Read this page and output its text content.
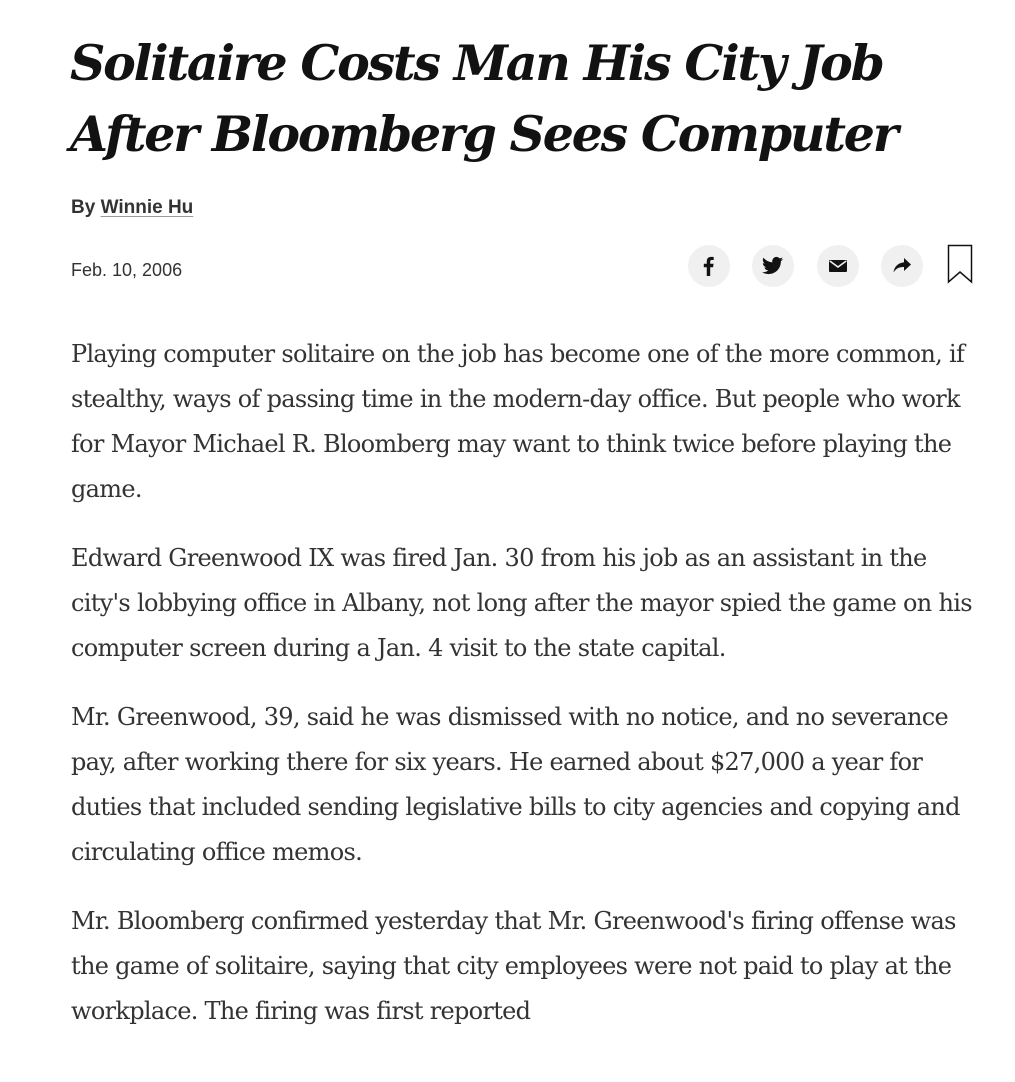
Solitaire Costs Man His City Job After Bloomberg Sees Computer
By Winnie Hu
Feb. 10, 2006

Playing computer solitaire on the job has become one of the more common, if stealthy, ways of passing time in the modern-day office. But people who work for Mayor Michael R. Bloomberg may want to think twice before playing the game.

Edward Greenwood IX was fired Jan. 30 from his job as an assistant in the city's lobbying office in Albany, not long after the mayor spied the game on his computer screen during a Jan. 4 visit to the state capital.

Mr. Greenwood, 39, said he was dismissed with no notice, and no severance pay, after working there for six years. He earned about $27,000 a year for duties that included sending legislative bills to city agencies and copying and circulating office memos.

Mr. Bloomberg confirmed yesterday that Mr. Greenwood's firing offense was the game of solitaire, saying that city employees were not paid to play at the workplace. The firing was first reported
